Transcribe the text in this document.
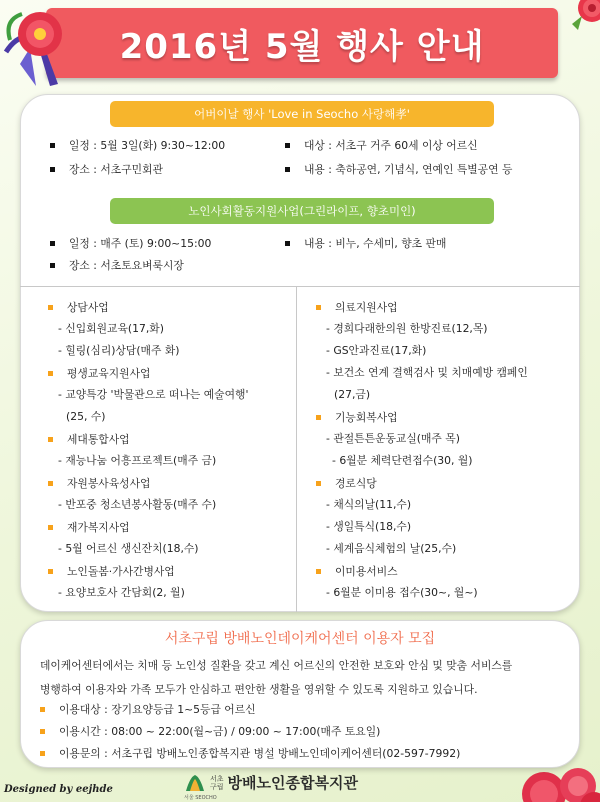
2016년 5월 행사 안내
어버이날 행사 'Love in Seocho 사랑해孝'
일정 : 5월 3일(화) 9:30~12:00
장소 : 서초구민회관
대상 : 서초구 거주 60세 이상 어르신
내용 : 축하공연, 기념식, 연예인 특별공연 등
노인사회활동지원사업(그린라이프, 향초미인)
일정 : 매주 (토) 9:00~15:00
장소 : 서초토요벼룩시장
내용 : 비누, 수세미, 향초 판매
상담사업
- 신입회원교육(17,화)
- 힐링(심리)상담(매주 화)
평생교육지원사업
- 교양특강 '박물관으로 떠나는 예술여행'
(25, 수)
세대통합사업
- 재능나눔 어흥프로젝트(매주 금)
자원봉사육성사업
- 반포중 청소년봉사활동(매주 수)
재가복지사업
- 5월 어르신 생신잔치(18,수)
노인돌봄·가사간병사업
- 요양보호사 간담회(2, 월)
의료지원사업
- 경희다래한의원 한방진료(12,목)
- GS안과진료(17,화)
- 보건소 연계 결핵검사 및 치매예방 캠페인
(27,금)
기능회복사업
- 관절튼튼운동교실(매주 목)
- 6월분 체력단련접수(30, 월)
경로식당
- 채식의날(11,수)
- 생일특식(18,수)
- 세계음식체험의 날(25,수)
이미용서비스
- 6월분 이미용 접수(30~, 월~)
서초구립 방배노인데이케어센터 이용자 모집
데이케어센터에서는 치매 등 노인성 질환을 갖고 계신 어르신의 안전한 보호와 안심 및 맞춤 서비스를
병행하여 이용자와 가족 모두가 안심하고 편안한 생활을 영위할 수 있도록 지원하고 있습니다.
이용대상 : 장기요양등급 1~5등급 어르신
이용시간 : 08:00 ~ 22:00(월~금) / 09:00 ~ 17:00(매주 토요일)
이용문의 : 서초구립 방배노인종합복지관 병설 방배노인데이케어센터(02-597-7992)
Designed by eejhde
서초
구립 방배노인종합복지관
서울 SEOCHO
